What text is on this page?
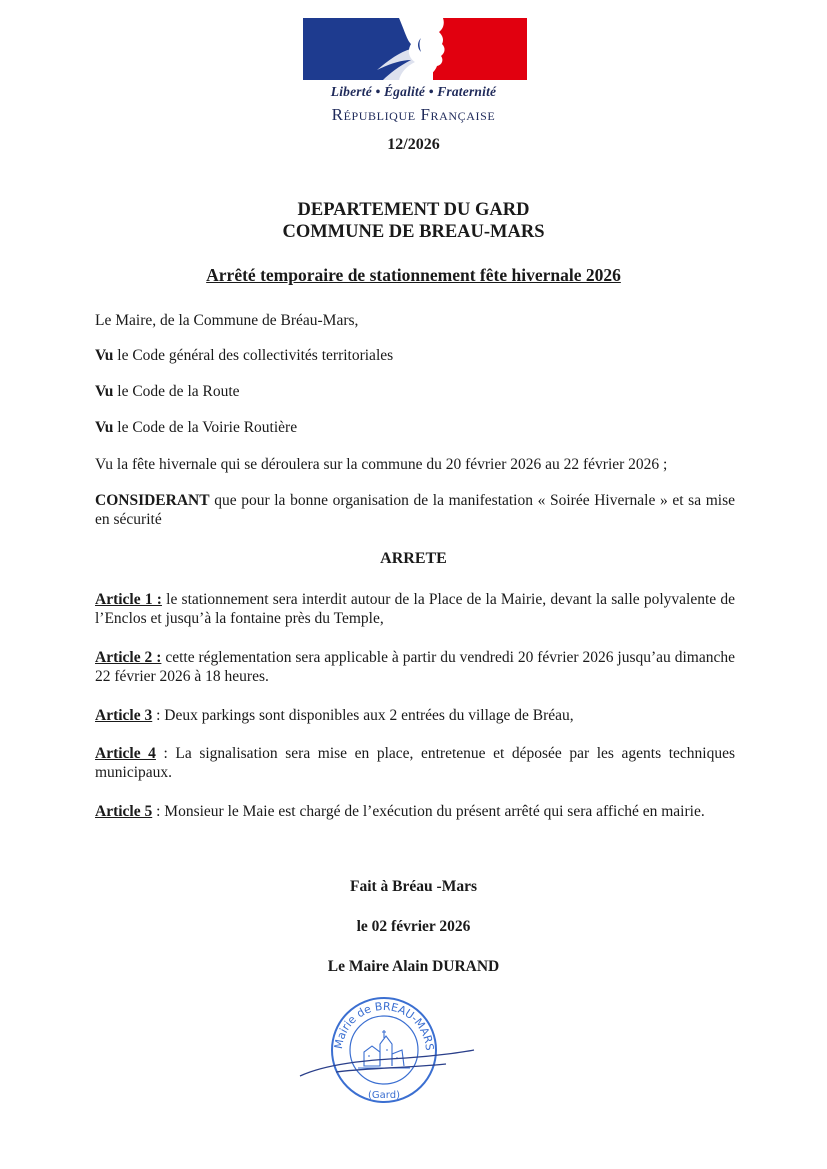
Liberté • Égalité • Fraternité
République Française
12/2026
DEPARTEMENT DU GARD
COMMUNE DE BREAU-MARS
Arrêté temporaire de stationnement fête hivernale 2026
Le Maire, de la Commune de Bréau-Mars,
Vu le Code général des collectivités territoriales
Vu le Code de la Route
Vu le Code de la Voirie Routière
Vu la fête hivernale qui se déroulera sur la commune du 20 février 2026 au 22 février 2026 ;
CONSIDERANT que pour la bonne organisation de la manifestation « Soirée Hivernale » et sa mise en sécurité
ARRETE
Article 1 : le stationnement sera interdit autour de la Place de la Mairie, devant la salle polyvalente de l’Enclos et jusqu’à la fontaine près du Temple,
Article 2 : cette réglementation sera applicable à partir du vendredi 20 février 2026 jusqu’au dimanche 22 février 2026 à 18 heures.
Article 3 : Deux parkings sont disponibles aux 2 entrées du village de Bréau,
Article 4 : La signalisation sera mise en place, entretenue et déposée par les agents techniques municipaux.
Article 5 : Monsieur le Maie est chargé de l’exécution du présent arrêté qui sera affiché en mairie.
Fait à Bréau -Mars
le 02 février 2026
Le Maire Alain DURAND
Mairie de BREAU-MARS
(Gard)
